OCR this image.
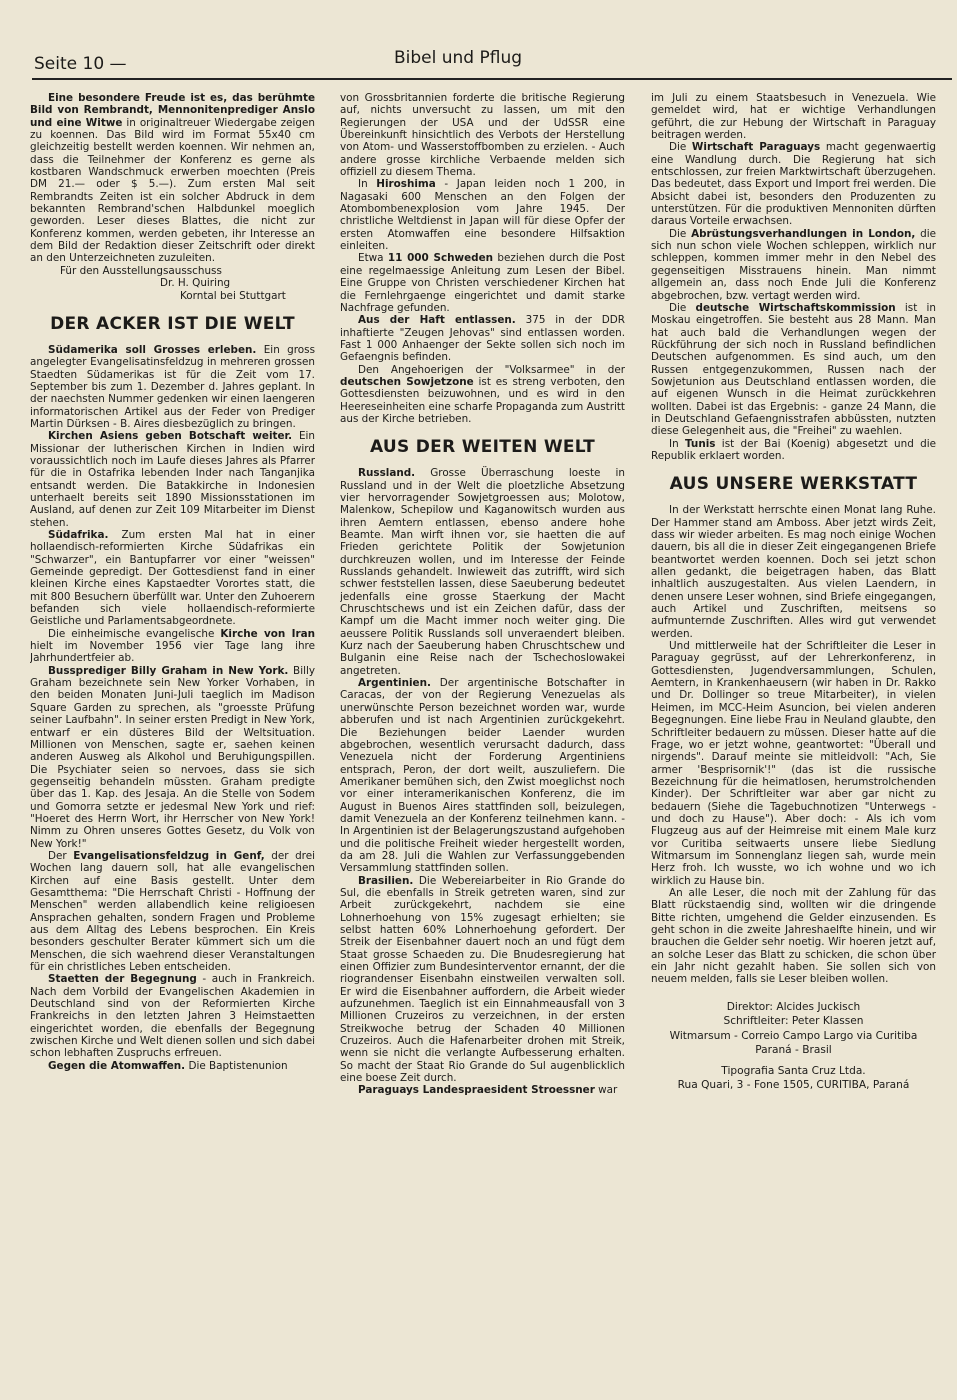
Seite 10 —	Bibel und Pflug

Eine besondere Freude ist es, das berühmte Bild von Rembrandt, Mennonitenprediger Anslo und eine Witwe in originaltreuer Wiedergabe zeigen zu koennen. Das Bild wird im Format 55x40 cm gleichzeitig bestellt werden koennen. Wir nehmen an, dass die Teilnehmer der Konferenz es gerne als kostbaren Wandschmuck erwerben moechten (Preis DM 21.— oder $ 5.—). Zum ersten Mal seit Rembrandts Zeiten ist ein solcher Abdruck in dem bekannten Rembrand'schen Halbdunkel moeglich geworden. Leser dieses Blattes, die nicht zur Konferenz kommen, werden gebeten, ihr Interesse an dem Bild der Redaktion dieser Zeitschrift oder direkt an den Unterzeichneten zuzuleiten.

Für den Ausstellungsausschuss

Dr. H. Quiring

Korntal bei Stuttgart

DER ACKER IST DIE WELT

Südamerika soll Grosses erleben. Ein gross angelegter Evangelisatinsfeldzug in mehreren grossen Staedten Südamerikas ist für die Zeit vom 17. September bis zum 1. Dezember d. Jahres geplant. In der naechsten Nummer gedenken wir einen laengeren informatorischen Artikel aus der Feder von Prediger Martin Dürksen - B. Aires diesbezüglich zu bringen.

Kirchen Asiens geben Botschaft weiter. Ein Missionar der lutherischen Kirchen in Indien wird voraussichtlich noch im Laufe dieses Jahres als Pfarrer für die in Ostafrika lebenden Inder nach Tanganjika entsandt werden. Die Batakkirche in Indonesien unterhaelt bereits seit 1890 Missionsstationen im Ausland, auf denen zur Zeit 109 Mitarbeiter im Dienst stehen.

Südafrika. Zum ersten Mal hat in einer hollaendisch-reformierten Kirche Südafrikas ein "Schwarzer", ein Bantupfarrer vor einer "weissen" Gemeinde gepredigt. Der Gottesdienst fand in einer kleinen Kirche eines Kapstaedter Vorortes statt, die mit 800 Besuchern überfüllt war. Unter den Zuhoerern befanden sich viele hollaendisch-reformierte Geistliche und Parlamentsabgeordnete.

Die einheimische evangelische Kirche von Iran hielt im November 1956 vier Tage lang ihre Jahrhundertfeier ab.

Bussprediger Billy Graham in New York. Billy Graham bezeichnete sein New Yorker Vorhaben, in den beiden Monaten Juni-Juli taeglich im Madison Square Garden zu sprechen, als "groesste Prüfung seiner Laufbahn". In seiner ersten Predigt in New York, entwarf er ein düsteres Bild der Weltsituation. Millionen von Menschen, sagte er, saehen keinen anderen Ausweg als Alkohol und Beruhigungspillen. Die Psychiater seien so nervoes, dass sie sich gegenseitig behandeln müssten. Graham predigte über das 1. Kap. des Jesaja. An die Stelle von Sodem und Gomorra setzte er jedesmal New York und rief: "Hoeret des Herrn Wort, ihr Herrscher von New York! Nimm zu Ohren unseres Gottes Gesetz, du Volk von New York!"

Der Evangelisationsfeldzug in Genf, der drei Wochen lang dauern soll, hat alle evangelischen Kirchen auf eine Basis gestellt. Unter dem Gesamtthema: "Die Herrschaft Christi - Hoffnung der Menschen" werden allabendlich keine religioesen Ansprachen gehalten, sondern Fragen und Probleme aus dem Alltag des Lebens besprochen. Ein Kreis besonders geschulter Berater kümmert sich um die Menschen, die sich waehrend dieser Veranstaltungen für ein christliches Leben entscheiden.

Staetten der Begegnung - auch in Frankreich. Nach dem Vorbild der Evangelischen Akademien in Deutschland sind von der Reformierten Kirche Frankreichs in den letzten Jahren 3 Heimstaetten eingerichtet worden, die ebenfalls der Begegnung zwischen Kirche und Welt dienen sollen und sich dabei schon lebhaften Zuspruchs erfreuen.

Gegen die Atomwaffen. Die Baptistenunion

von Grossbritannien forderte die britische Regierung auf, nichts unversucht zu lassen, um mit den Regierungen der USA und der UdSSR eine Übereinkunft hinsichtlich des Verbots der Herstellung von Atom- und Wasserstoffbomben zu erzielen. - Auch andere grosse kirchliche Verbaende melden sich offiziell zu diesem Thema.

In Hiroshima - Japan leiden noch 1 200, in Nagasaki 600 Menschen an den Folgen der Atombombenexplosion vom Jahre 1945. Der christliche Weltdienst in Japan will für diese Opfer der ersten Atomwaffen eine besondere Hilfsaktion einleiten.

Etwa 11 000 Schweden beziehen durch die Post eine regelmaessige Anleitung zum Lesen der Bibel. Eine Gruppe von Christen verschiedener Kirchen hat die Fernlehrgaenge eingerichtet und damit starke Nachfrage gefunden.

Aus der Haft entlassen. 375 in der DDR inhaftierte "Zeugen Jehovas" sind entlassen worden. Fast 1 000 Anhaenger der Sekte sollen sich noch im Gefaengnis befinden.

Den Angehoerigen der "Volksarmee" in der deutschen Sowjetzone ist es streng verboten, den Gottesdiensten beizuwohnen, und es wird in den Heereseinheiten eine scharfe Propaganda zum Austritt aus der Kirche betrieben.

AUS DER WEITEN WELT

Russland. Grosse Überraschung loeste in Russland und in der Welt die ploetzliche Absetzung vier hervorragender Sowjetgroessen aus; Molotow, Malenkow, Schepilow und Kaganowitsch wurden aus ihren Aemtern entlassen, ebenso andere hohe Beamte. Man wirft ihnen vor, sie haetten die auf Frieden gerichtete Politik der Sowjetunion durchkreuzen wollen, und im Interesse der Feinde Russlands gehandelt. Inwieweit das zutrifft, wird sich schwer feststellen lassen, diese Saeuberung bedeutet jedenfalls eine grosse Staerkung der Macht Chruschtschews und ist ein Zeichen dafür, dass der Kampf um die Macht immer noch weiter ging. Die aeussere Politik Russlands soll unveraendert bleiben. Kurz nach der Saeuberung haben Chruschtschew und Bulganin eine Reise nach der Tschechoslowakei angetreten.

Argentinien. Der argentinische Botschafter in Caracas, der von der Regierung Venezuelas als unerwünschte Person bezeichnet worden war, wurde abberufen und ist nach Argentinien zurückgekehrt. Die Beziehungen beider Laender wurden abgebrochen, wesentlich verursacht dadurch, dass Venezuela nicht der Forderung Argentiniens entsprach, Peron, der dort weilt, auszuliefern. Die Amerikaner bemühen sich, den Zwist moeglichst noch vor einer interamerikanischen Konferenz, die im August in Buenos Aires stattfinden soll, beizulegen, damit Venezuela an der Konferenz teilnehmen kann. - In Argentinien ist der Belagerungszustand aufgehoben und die politische Freiheit wieder hergestellt worden, da am 28. Juli die Wahlen zur Verfassunggebenden Versammlung stattfinden sollen.

Brasilien. Die Webereiarbeiter in Rio Grande do Sul, die ebenfalls in Streik getreten waren, sind zur Arbeit zurückgekehrt, nachdem sie eine Lohnerhoehung von 15% zugesagt erhielten; sie selbst hatten 60% Lohnerhoehung gefordert. Der Streik der Eisenbahner dauert noch an und fügt dem Staat grosse Schaeden zu. Die Bnudesregierung hat einen Offizier zum Bundesinterventor ernannt, der die riograndenser Eisenbahn einstweilen verwalten soll. Er wird die Eisenbahner auffordern, die Arbeit wieder aufzunehmen. Taeglich ist ein Einnahmeausfall von 3 Millionen Cruzeiros zu verzeichnen, in der ersten Streikwoche betrug der Schaden 40 Millionen Cruzeiros. Auch die Hafenarbeiter drohen mit Streik, wenn sie nicht die verlangte Aufbesserung erhalten. So macht der Staat Rio Grande do Sul augenblicklich eine boese Zeit durch.

Paraguays Landespraesident Stroessner war

im Juli zu einem Staatsbesuch in Venezuela. Wie gemeldet wird, hat er wichtige Verhandlungen geführt, die zur Hebung der Wirtschaft in Paraguay beitragen werden.

Die Wirtschaft Paraguays macht gegenwaertig eine Wandlung durch. Die Regierung hat sich entschlossen, zur freien Marktwirtschaft überzugehen. Das bedeutet, dass Export und Import frei werden. Die Absicht dabei ist, besonders den Produzenten zu unterstützen. Für die produktiven Mennoniten dürften daraus Vorteile erwachsen.

Die Abrüstungsverhandlungen in London, die sich nun schon viele Wochen schleppen, wirklich nur schleppen, kommen immer mehr in den Nebel des gegenseitigen Misstrauens hinein. Man nimmt allgemein an, dass noch Ende Juli die Konferenz abgebrochen, bzw. vertagt werden wird.

Die deutsche Wirtschaftskommission ist in Moskau eingetroffen. Sie besteht aus 28 Mann. Man hat auch bald die Verhandlungen wegen der Rückführung der sich noch in Russland befindlichen Deutschen aufgenommen. Es sind auch, um den Russen entgegenzukommen, Russen nach der Sowjetunion aus Deutschland entlassen worden, die auf eigenen Wunsch in die Heimat zurückkehren wollten. Dabei ist das Ergebnis: - ganze 24 Mann, die in Deutschland Gefaengnisstrafen abbüssten, nutzten diese Gelegenheit aus, die "Freihei" zu waehlen.

In Tunis ist der Bai (Koenig) abgesetzt und die Republik erklaert worden.

AUS UNSERE WERKSTATT

In der Werkstatt herrschte einen Monat lang Ruhe. Der Hammer stand am Amboss. Aber jetzt wirds Zeit, dass wir wieder arbeiten. Es mag noch einige Wochen dauern, bis all die in dieser Zeit eingegangenen Briefe beantwortet werden koennen. Doch sei jetzt schon allen gedankt, die beigetragen haben, das Blatt inhaltlich auszugestalten. Aus vielen Laendern, in denen unsere Leser wohnen, sind Briefe eingegangen, auch Artikel und Zuschriften, meitsens so aufmunternde Zuschriften. Alles wird gut verwendet werden.

Und mittlerweile hat der Schriftleiter die Leser in Paraguay gegrüsst, auf der Lehrerkonferenz, in Gottesdiensten, Jugendversammlungen, Schulen, Aemtern, in Krankenhaeusern (wir haben in Dr. Rakko und Dr. Dollinger so treue Mitarbeiter), in vielen Heimen, im MCC-Heim Asuncion, bei vielen anderen Begegnungen. Eine liebe Frau in Neuland glaubte, den Schriftleiter bedauern zu müssen. Dieser hatte auf die Frage, wo er jetzt wohne, geantwortet: "Überall und nirgends". Darauf meinte sie mitleidvoll: "Ach, Sie armer 'Besprisornik'!" (das ist die russische Bezeichnung für die heimatlosen, herumstrolchenden Kinder). Der Schriftleiter war aber gar nicht zu bedauern (Siehe die Tagebuchnotizen "Unterwegs - und doch zu Hause"). Aber doch: - Als ich vom Flugzeug aus auf der Heimreise mit einem Male kurz vor Curitiba seitwaerts unsere liebe Siedlung Witmarsum im Sonnenglanz liegen sah, wurde mein Herz froh. Ich wusste, wo ich wohne und wo ich wirklich zu Hause bin.

An alle Leser, die noch mit der Zahlung für das Blatt rückstaendig sind, wollten wir die dringende Bitte richten, umgehend die Gelder einzusenden. Es geht schon in die zweite Jahreshaelfte hinein, und wir brauchen die Gelder sehr noetig. Wir hoeren jetzt auf, an solche Leser das Blatt zu schicken, die schon über ein Jahr nicht gezahlt haben. Sie sollen sich von neuem melden, falls sie Leser bleiben wollen.

Direktor: Alcides Juckisch
Schriftleiter: Peter Klassen
Witmarsum - Correio Campo Largo via Curitiba
Paraná - Brasil
Tipografia Santa Cruz Ltda.
Rua Quari, 3 - Fone 1505, CURITIBA, Paraná
